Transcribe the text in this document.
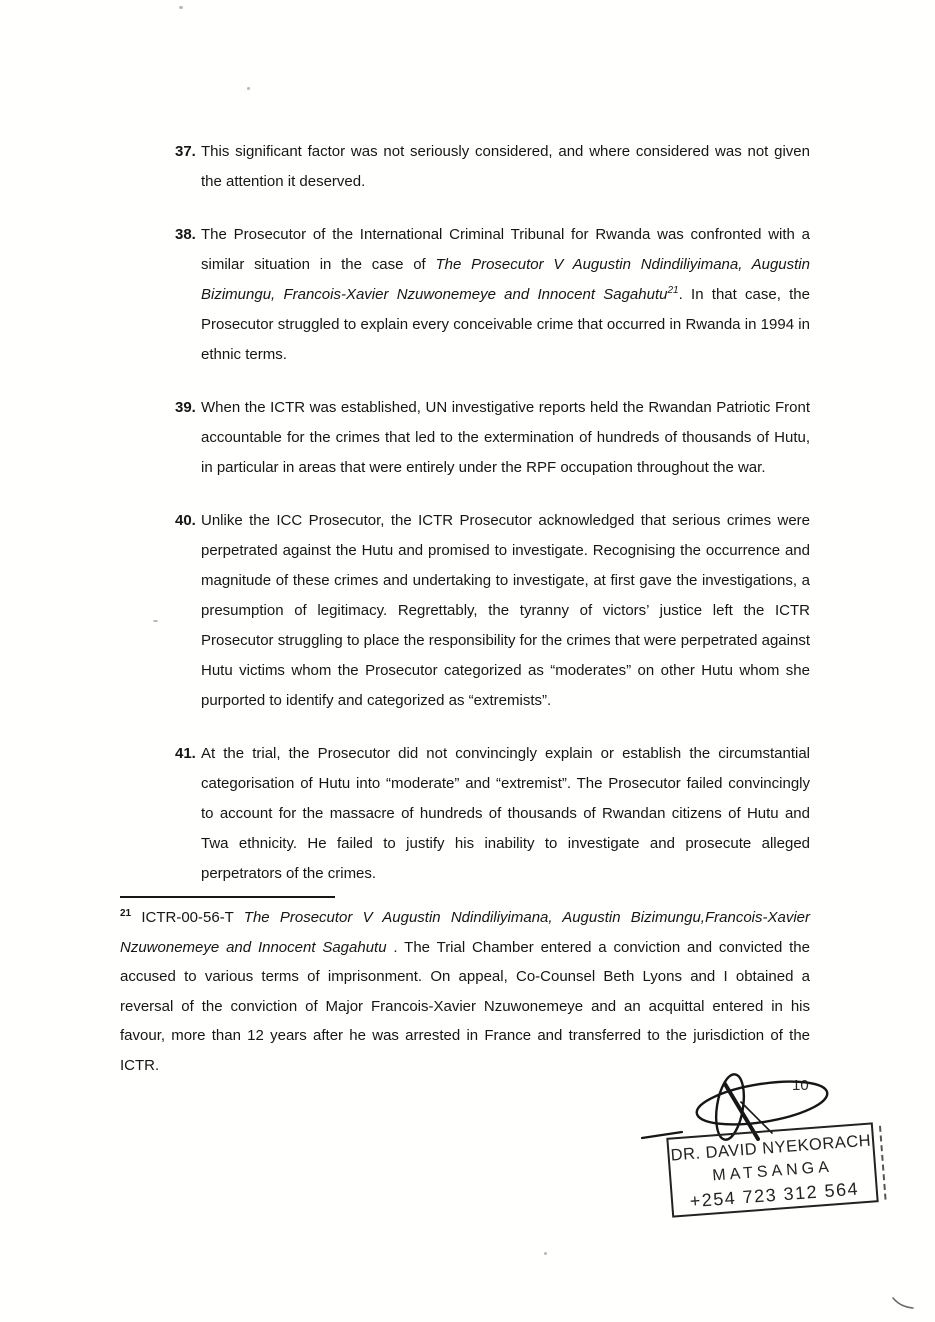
37. This significant factor was not seriously considered, and where considered was not given the attention it deserved.
38. The Prosecutor of the International Criminal Tribunal for Rwanda was confronted with a similar situation in the case of The Prosecutor V Augustin Ndindiliyimana, Augustin Bizimungu, Francois-Xavier Nzuwonemeye and Innocent Sagahutu$^{21}$. In that case, the Prosecutor struggled to explain every conceivable crime that occurred in Rwanda in 1994 in ethnic terms.
39. When the ICTR was established, UN investigative reports held the Rwandan Patriotic Front accountable for the crimes that led to the extermination of hundreds of thousands of Hutu, in particular in areas that were entirely under the RPF occupation throughout the war.
40. Unlike the ICC Prosecutor, the ICTR Prosecutor acknowledged that serious crimes were perpetrated against the Hutu and promised to investigate. Recognising the occurrence and magnitude of these crimes and undertaking to investigate, at first gave the investigations, a presumption of legitimacy. Regrettably, the tyranny of victors’ justice left the ICTR Prosecutor struggling to place the responsibility for the crimes that were perpetrated against Hutu victims whom the Prosecutor categorized as “moderates” on other Hutu whom she purported to identify and categorized as “extremists”.
41. At the trial, the Prosecutor did not convincingly explain or establish the circumstantial categorisation of Hutu into “moderate” and “extremist”. The Prosecutor failed convincingly to account for the massacre of hundreds of thousands of Rwandan citizens of Hutu and Twa ethnicity. He failed to justify his inability to investigate and prosecute alleged perpetrators of the crimes.
$^{21}$ ICTR-00-56-T The Prosecutor V Augustin Ndindiliyimana, Augustin Bizimungu,Francois-Xavier Nzuwonemeye and Innocent Sagahutu . The Trial Chamber entered a conviction and convicted the accused to various terms of imprisonment. On appeal, Co-Counsel Beth Lyons and I obtained a reversal of the conviction of Major Francois-Xavier Nzuwonemeye and an acquittal entered in his favour, more than 12 years after he was arrested in France and transferred to the jurisdiction of the ICTR.
10
DR. DAVID NYEKORACH
MATSANGA
+254 723 312 564
